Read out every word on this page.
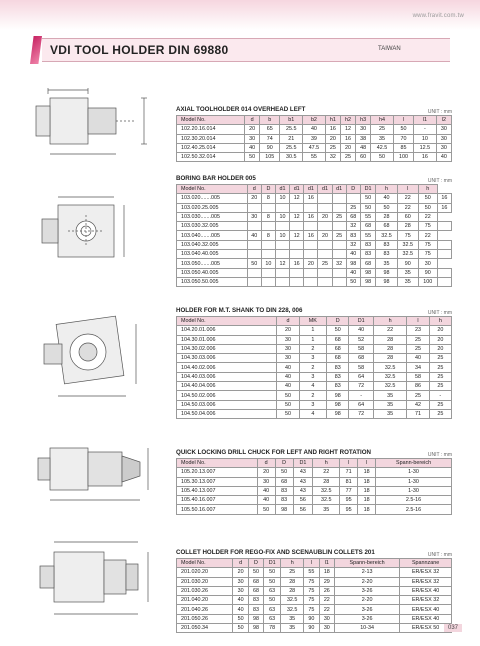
www.fravit.com.tw
VDI TOOL HOLDER DIN 69880	TAIWAN
AXIAL TOOLHOLDER 014 OVERHEAD LEFT	UNIT : mm
Model No.	d	b	b1	b2	h1	h2	h3	h4	l	l1	l2
102.20.16.014	20	65	25.5	40	16	12	30	25	50	-	30
102.30.20.014	30	74	21	39	20	16	38	35	70	10	30
102.40.25.014	40	90	25.5	47.5	25	20	48	42.5	85	12.5	30
102.50.32.014	50	105	30.5	55	32	25	60	50	100	16	40
BORING BAR HOLDER 005	UNIT : mm
Model No.	d	D	d1	d1	d1	d1	d1	D	D1	h	l	h	
103.020.......005	20	8	10	12	16				50	40	22	50	16
103.020.25.005								25	50	50	22	50	16
103.030.......005	30	8	10	12	16	20	25	68	55	28	60	22	
103.030.32.005								32	68	68	28	75	
103.040.......005	40	8	10	12	16	20	25	83	55	32.5	75	22	
103.040.32.005								32	83	83	32.5	75	
103.040.40.005								40	83	83	32.5	75	
103.050.......005	50	10	12	16	20	25	32	98	68	35	90	30	
103.050.40.005								40	98	98	35	90	
103.050.50.005								50	98	98	35	100	
HOLDER FOR M.T. SHANK TO DIN 228, 006	UNIT : mm
Model No.	d	MK	D	D1	h	l	h
104.20.01.006	20	1	50	40	22	23	20
104.30.01.006	30	1	68	52	28	25	20
104.30.02.006	30	2	68	58	28	25	20
104.30.03.006	30	3	68	68	28	40	25
104.40.02.006	40	2	83	58	32.5	34	25
104.40.03.006	40	3	83	64	32.5	58	25
104.40.04.006	40	4	83	72	32.5	86	25
104.50.02.006	50	2	98	-	35	25	-
104.50.03.006	50	3	98	64	35	42	25
104.50.04.006	50	4	98	72	35	71	25
QUICK LOCKING DRILL CHUCK FOR LEFT AND RIGHT ROTATION	UNIT : mm
Model No.	d	D	D1	h	l	l	Spann-bereich
105.20.13.007	20	50	43	22	71	18	1-30
105.30.13.007	30	68	43	28	81	18	1-30
105.40.13.007	40	83	43	32.5	77	18	1-30
105.40.16.007	40	83	56	32.5	95	18	2.5-16
105.50.16.007	50	98	56	35	95	18	2.5-16
COLLET HOLDER FOR REGO-FIX AND SCENAUBLIN COLLETS 201	UNIT : mm
Model No.	d	D	D1	h	l	l1	Spann-bereich	Spannzane
201.020.20	20	50	50	25	55	18	2-13	ER/ESX 32
201.030.20	30	68	50	28	75	29	2-20	ER/ESX 32
201.030.26	30	68	63	28	75	26	3-26	ER/ESX 40
201.040.20	40	83	50	32.5	75	22	2-20	ER/ESX 32
201.040.26	40	83	63	32.5	75	22	3-26	ER/ESX 40
201.050.26	50	98	63	35	90	30	3-26	ER/ESX 40
201.050.34	50	98	78	35	90	30	10-34	ER/ESX 50	037
